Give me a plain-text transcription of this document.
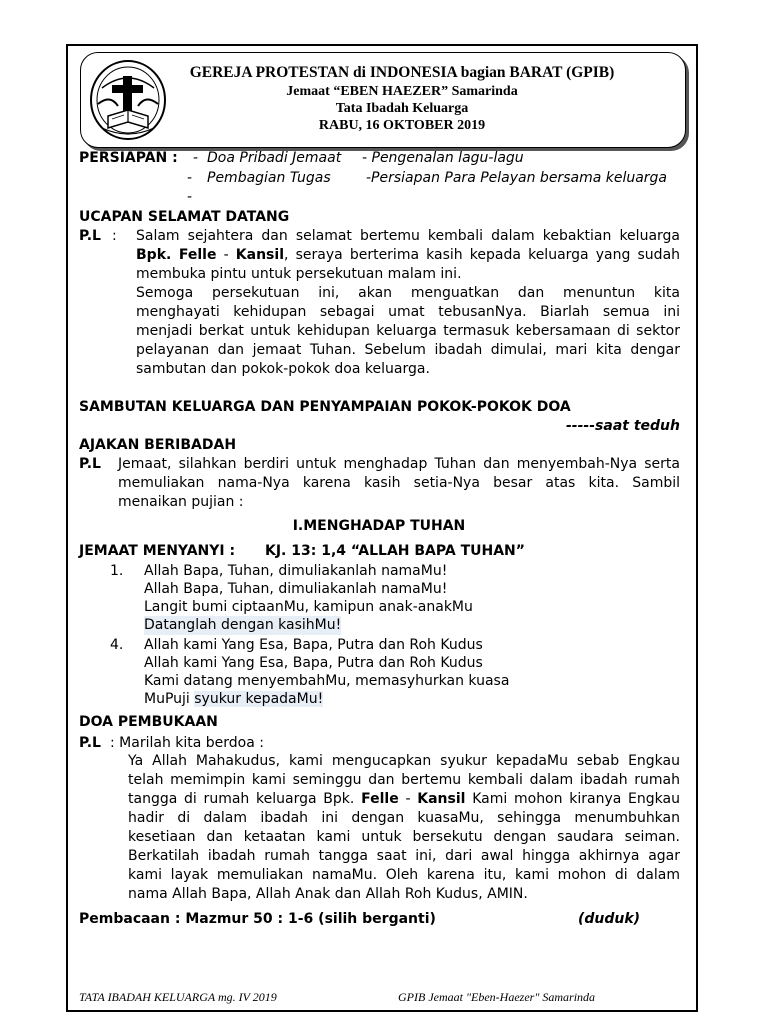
GEREJA PROTESTAN di INDONESIA bagian BARAT (GPIB)
Jemaat “EBEN HAEZER” Samarinda
Tata Ibadah Keluarga
RABU, 16 OKTOBER 2019
PERSIAPAN : - Doa Pribadi Jemaat - Pengenalan lagu-lagu
- Pembagian Tugas	-Persiapan Para Pelayan bersama keluarga
-
UCAPAN SELAMAT DATANG
P.L : Salam sejahtera dan selamat bertemu kembali dalam kebaktian keluarga
Bpk. Felle - Kansil, seraya berterima kasih kepada keluarga yang sudah
membuka pintu untuk persekutuan malam ini.
Semoga persekutuan ini, akan menguatkan dan menuntun kita
menghayati kehidupan sebagai umat tebusanNya. Biarlah semua ini
menjadi berkat untuk kehidupan keluarga termasuk kebersamaan di sektor
pelayanan dan jemaat Tuhan. Sebelum ibadah dimulai, mari kita dengar
sambutan dan pokok-pokok doa keluarga.
SAMBUTAN KELUARGA DAN PENYAMPAIAN POKOK-POKOK DOA
-----saat teduh
AJAKAN BERIBADAH
P.L Jemaat, silahkan berdiri untuk menghadap Tuhan dan menyembah-Nya serta
memuliakan nama-Nya karena kasih setia-Nya besar atas kita. Sambil
menaikan pujian :
I.MENGHADAP TUHAN
JEMAAT MENYANYI : KJ. 13: 1,4 “ALLAH BAPA TUHAN”
1. Allah Bapa, Tuhan, dimuliakanlah namaMu!
Allah Bapa, Tuhan, dimuliakanlah namaMu!
Langit bumi ciptaanMu, kamipun anak-anakMu
Datanglah dengan kasihMu!
4. Allah kami Yang Esa, Bapa, Putra dan Roh Kudus
Allah kami Yang Esa, Bapa, Putra dan Roh Kudus
Kami datang menyembahMu, memasyhurkan kuasa
MuPuji syukur kepadaMu!
DOA PEMBUKAAN
P.L : Marilah kita berdoa :
Ya Allah Mahakudus, kami mengucapkan syukur kepadaMu sebab Engkau
telah memimpin kami seminggu dan bertemu kembali dalam ibadah rumah
tangga di rumah keluarga Bpk. Felle - Kansil Kami mohon kiranya Engkau
hadir di dalam ibadah ini dengan kuasaMu, sehingga menumbuhkan
kesetiaan dan ketaatan kami untuk bersekutu dengan saudara seiman.
Berkatilah ibadah rumah tangga saat ini, dari awal hingga akhirnya agar
kami layak memuliakan namaMu. Oleh karena itu, kami mohon di dalam
nama Allah Bapa, Allah Anak dan Allah Roh Kudus, AMIN.
Pembacaan : Mazmur 50 : 1-6 (silih berganti)	(duduk)
TATA IBADAH KELUARGA mg. IV 2019	GPIB Jemaat "Eben-Haezer" Samarinda
